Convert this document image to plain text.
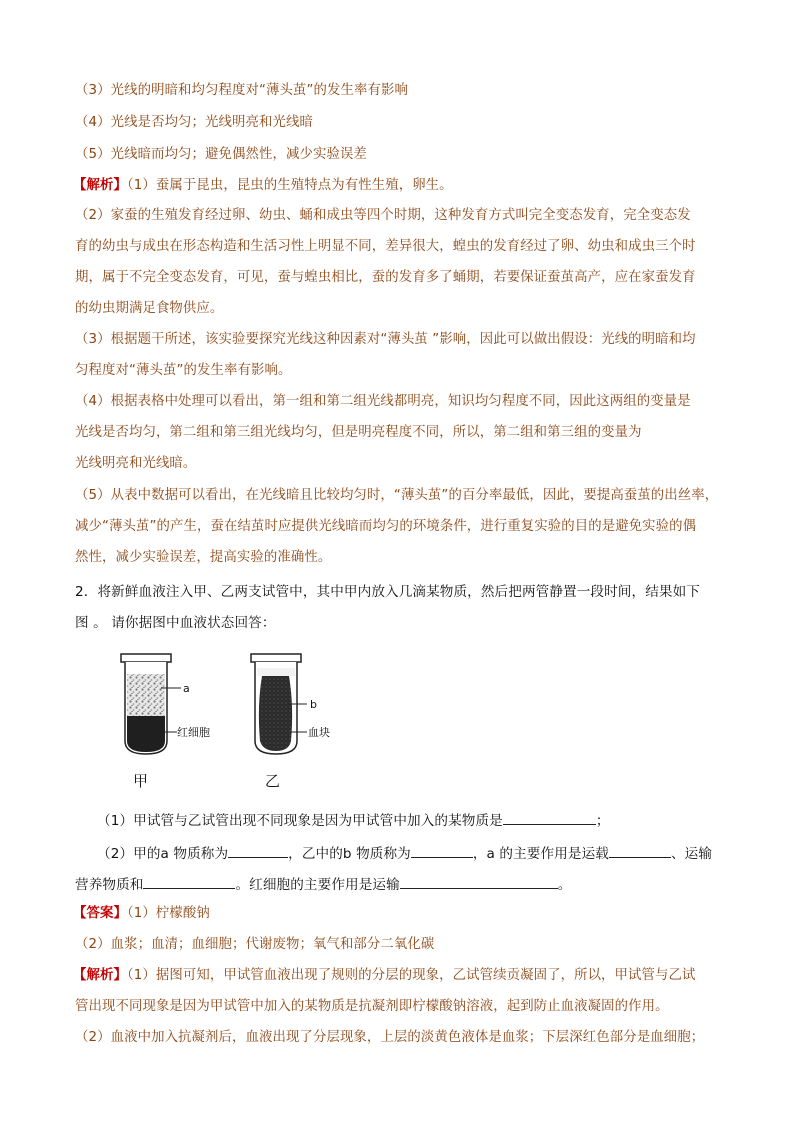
（3）光线的明暗和均匀程度对“薄头茧”的发生率有影响
（4）光线是否均匀；光线明亮和光线暗
（5）光线暗而均匀；避免偶然性，减少实验误差
【解析】（1）蚕属于昆虫，昆虫的生殖特点为有性生殖，卵生。
（2）家蚕的生殖发育经过卵、幼虫、蛹和成虫等四个时期，这种发育方式叫完全变态发育，完全变态发
育的幼虫与成虫在形态构造和生活习性上明显不同，差异很大，蝗虫的发育经过了卵、幼虫和成虫三个时
期，属于不完全变态发育，可见，蚕与蝗虫相比，蚕的发育多了蛹期，若要保证蚕茧高产，应在家蚕发育
的幼虫期满足食物供应。
（3）根据题干所述，该实验要探究光线这种因素对“薄头茧 ”影响，因此可以做出假设：光线的明暗和均
匀程度对“薄头茧”的发生率有影响。
（4）根据表格中处理可以看出，第一组和第二组光线都明亮，知识均匀程度不同，因此这两组的变量是
光线是否均匀，第二组和第三组光线均匀，但是明亮程度不同，所以，第二组和第三组的变量为
光线明亮和光线暗。
（5）从表中数据可以看出，在光线暗且比较均匀时，“薄头茧”的百分率最低，因此，要提高蚕茧的出丝率，
减少“薄头茧”的产生，蚕在结茧时应提供光线暗而均匀的环境条件，进行重复实验的目的是避免实验的偶
然性，减少实验误差，提高实验的准确性。
2．将新鲜血液注入甲、乙两支试管中，其中甲内放入几滴某物质，然后把两管静置一段时间，结果如下
图 。 请你据图中血液状态回答：
a
红细胞
甲
b
血块
乙
（1）甲试管与乙试管出现不同现象是因为甲试管中加入的某物质是	；
（2）甲的a 物质称为	，乙中的b 物质称为	，a 的主要作用是运载	、运输
营养物质和	。红细胞的主要作用是运输	。
【答案】（1）柠檬酸钠
（2）血浆；血清；血细胞；代谢废物；氧气和部分二氧化碳
【解析】（1）据图可知，甲试管血液出现了规则的分层的现象，乙试管续贡凝固了，所以，甲试管与乙试
管出现不同现象是因为甲试管中加入的某物质是抗凝剂即柠檬酸钠溶液，起到防止血液凝固的作用。
（2）血液中加入抗凝剂后，血液出现了分层现象，上层的淡黄色液体是血浆；下层深红色部分是血细胞；
